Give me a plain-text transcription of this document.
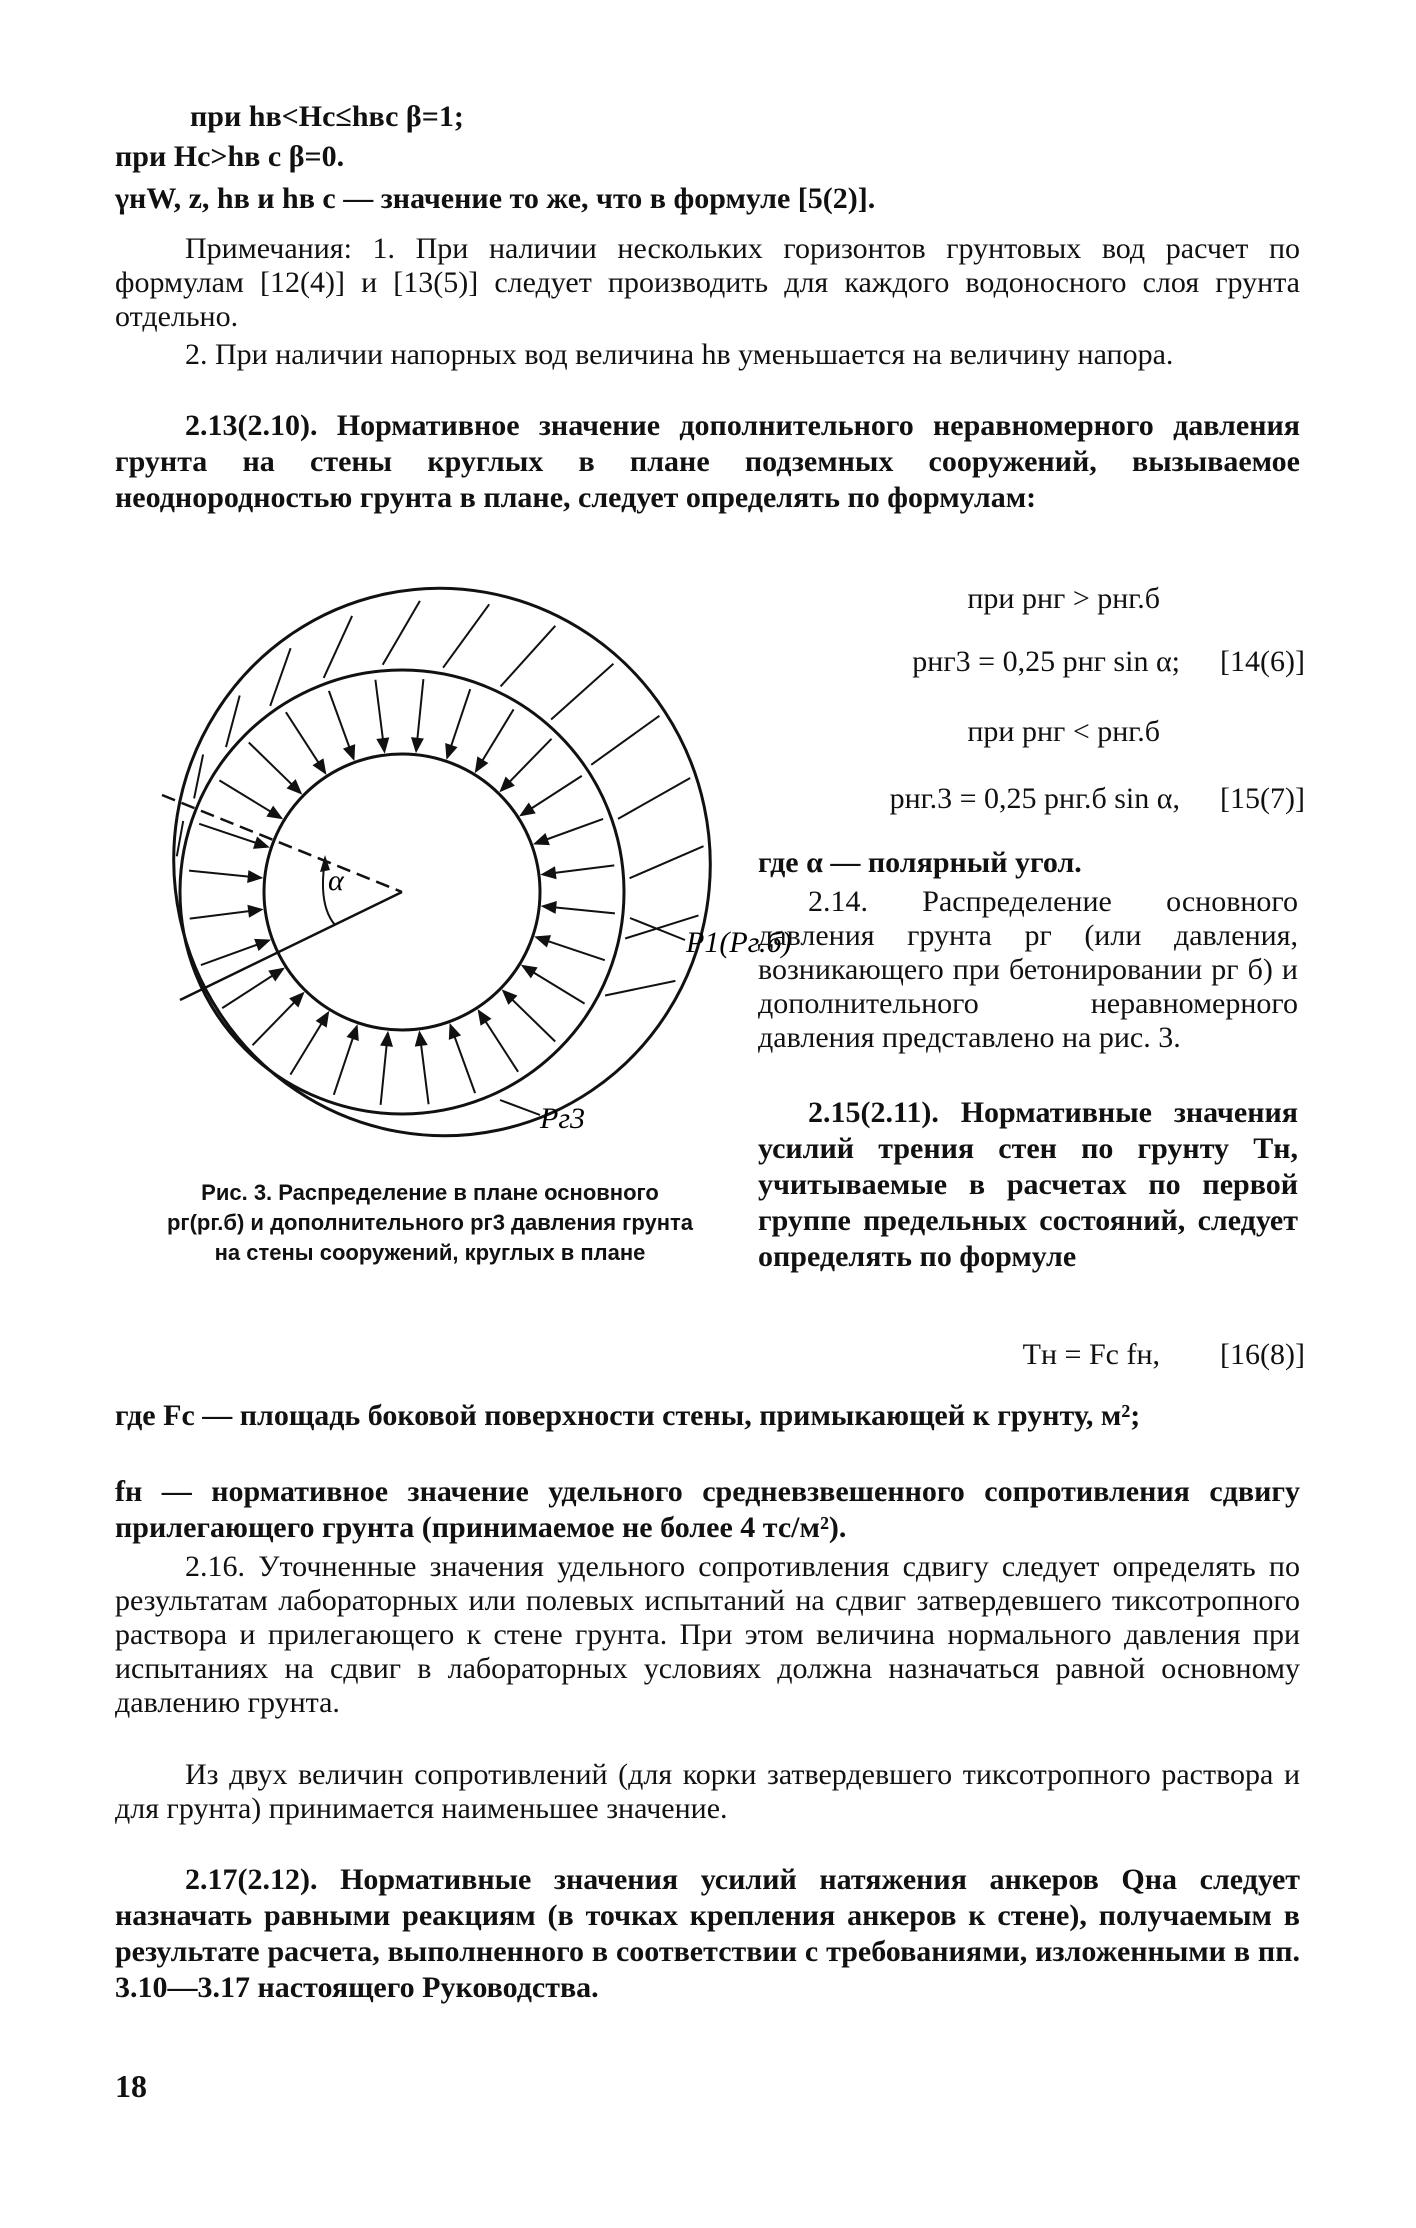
при hв<Hс≤hвс β=1;
при Hс>hв с β=0.
γнW, z, hв и hв с — значение то же, что в формуле [5(2)].
Примечания: 1. При наличии нескольких горизонтов грунтовых вод расчет по формулам [12(4)] и [13(5)] следует производить для каждого водоносного слоя грунта отдельно.
2. При наличии напорных вод величина hв уменьшается на величину напора.
2.13(2.10). Нормативное значение дополнительного неравномерного давления грунта на стены круглых в плане подземных сооружений, вызываемое неоднородностью грунта в плане, следует определять по формулам:
α
P1(Pг.б)
Pг3
Рис. 3. Распределение в плане основного pг(pг.б) и дополнительного pг3 давления грунта на стены сооружений, круглых в плане
при pнг > pнг.б
pнг3 = 0,25 pнг sin α;	[14(6)]
при pнг < pнг.б
pнг.3 = 0,25 pнг.б sin α,	[15(7)]
где α — полярный угол.
2.14. Распределение основного давления грунта pг (или давления, возникающего при бетонировании pг б) и дополнительного неравномерного давления представлено на рис. 3.
2.15(2.11). Нормативные значения усилий трения стен по грунту Tн, учитываемые в расчетах по первой группе предельных состояний, следует определять по формуле
Tн = Fс fн,	[16(8)]
где Fс — площадь боковой поверхности стены, примыкающей к грунту, м²;
fн — нормативное значение удельного средневзвешенного сопротивления сдвигу прилегающего грунта (принимаемое не более 4 тс/м²).
2.16. Уточненные значения удельного сопротивления сдвигу следует определять по результатам лабораторных или полевых испытаний на сдвиг затвердевшего тиксотропного раствора и прилегающего к стене грунта. При этом величина нормального давления при испытаниях на сдвиг в лабораторных условиях должна назначаться равной основному давлению грунта.
Из двух величин сопротивлений (для корки затвердевшего тиксотропного раствора и для грунта) принимается наименьшее значение.
2.17(2.12). Нормативные значения усилий натяжения анкеров Qна следует назначать равными реакциям (в точках крепления анкеров к стене), получаемым в результате расчета, выполненного в соответствии с требованиями, изложенными в пп. 3.10—3.17 настоящего Руководства.
18
